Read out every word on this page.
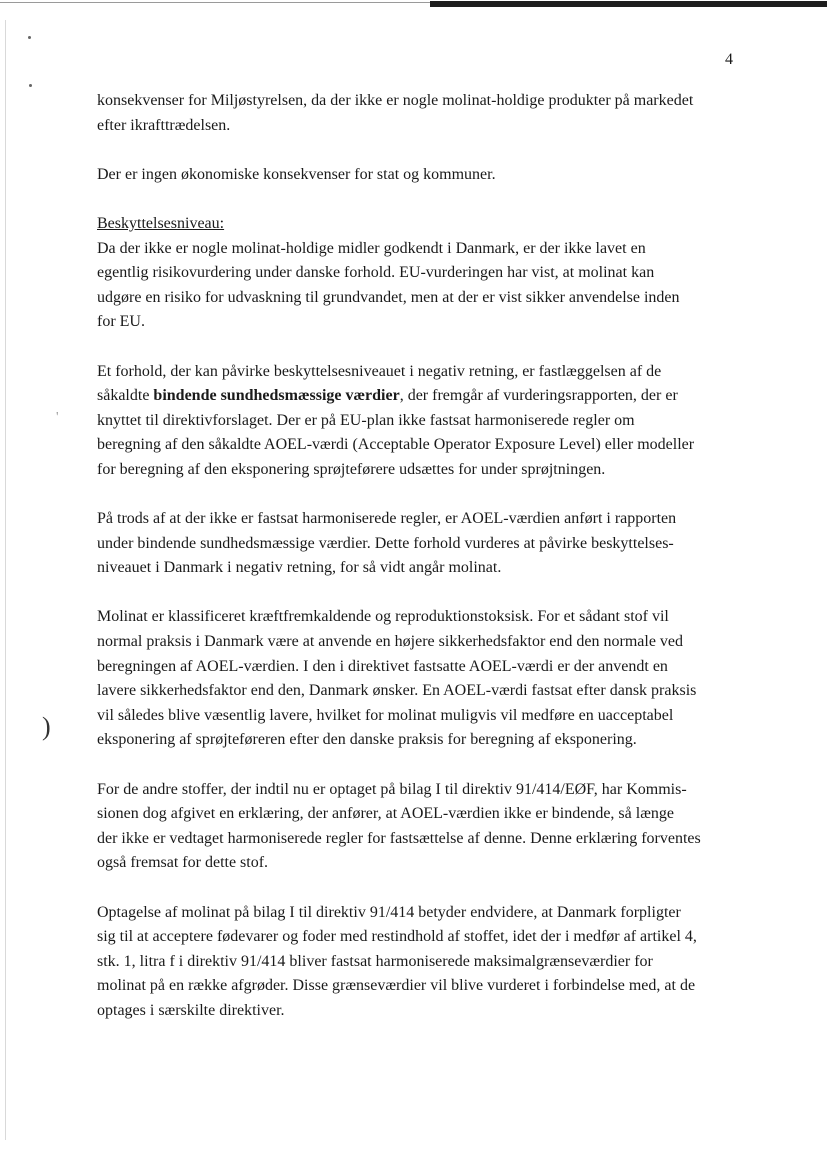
)
'
4

konsekvenser for Miljøstyrelsen, da der ikke er nogle molinat-holdige produkter på markedet
efter ikrafttrædelsen.

Der er ingen økonomiske konsekvenser for stat og kommuner.

Beskyttelsesniveau:
Da der ikke er nogle molinat-holdige midler godkendt i Danmark, er der ikke lavet en
egentlig risikovurdering under danske forhold. EU-vurderingen har vist, at molinat kan
udgøre en risiko for udvaskning til grundvandet, men at der er vist sikker anvendelse inden
for EU.

Et forhold, der kan påvirke beskyttelsesniveauet i negativ retning, er fastlæggelsen af de
såkaldte bindende sundhedsmæssige værdier, der fremgår af vurderingsrapporten, der er
knyttet til direktivforslaget. Der er på EU-plan ikke fastsat harmoniserede regler om
beregning af den såkaldte AOEL-værdi (Acceptable Operator Exposure Level) eller modeller
for beregning af den eksponering sprøjteførere udsættes for under sprøjtningen.

På trods af at der ikke er fastsat harmoniserede regler, er AOEL-værdien anført i rapporten
under bindende sundhedsmæssige værdier. Dette forhold vurderes at påvirke beskyttelses-
niveauet i Danmark i negativ retning, for så vidt angår molinat.

Molinat er klassificeret kræftfremkaldende og reproduktionstoksisk. For et sådant stof vil
normal praksis i Danmark være at anvende en højere sikkerhedsfaktor end den normale ved
beregningen af AOEL-værdien. I den i direktivet fastsatte AOEL-værdi er der anvendt en
lavere sikkerhedsfaktor end den, Danmark ønsker. En AOEL-værdi fastsat efter dansk praksis
vil således blive væsentlig lavere, hvilket for molinat muligvis vil medføre en uacceptabel
eksponering af sprøjteføreren efter den danske praksis for beregning af eksponering.

For de andre stoffer, der indtil nu er optaget på bilag I til direktiv 91/414/EØF, har Kommis-
sionen dog afgivet en erklæring, der anfører, at AOEL-værdien ikke er bindende, så længe
der ikke er vedtaget harmoniserede regler for fastsættelse af denne. Denne erklæring forventes
også fremsat for dette stof.

Optagelse af molinat på bilag I til direktiv 91/414 betyder endvidere, at Danmark forpligter
sig til at acceptere fødevarer og foder med restindhold af stoffet, idet der i medfør af artikel 4,
stk. 1, litra f i direktiv 91/414 bliver fastsat harmoniserede maksimalgrænseværdier for
molinat på en række afgrøder. Disse grænseværdier vil blive vurderet i forbindelse med, at de
optages i særskilte direktiver.
